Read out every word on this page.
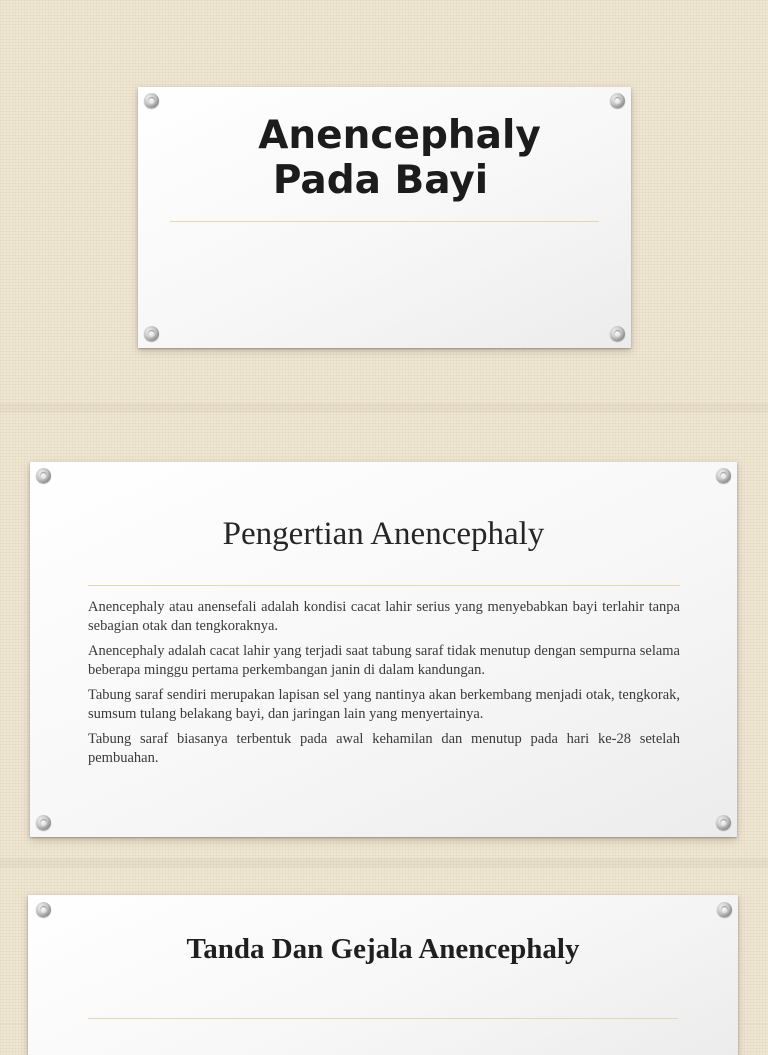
Anencephaly
Pada Bayi
Pengertian Anencephaly

Anencephaly atau anensefali adalah kondisi cacat lahir serius yang menyebabkan bayi terlahir tanpa sebagian otak dan tengkoraknya.

Anencephaly adalah cacat lahir yang terjadi saat tabung saraf tidak menutup dengan sempurna selama beberapa minggu pertama perkembangan janin di dalam kandungan.

Tabung saraf sendiri merupakan lapisan sel yang nantinya akan berkembang menjadi otak, tengkorak, sumsum tulang belakang bayi, dan jaringan lain yang menyertainya.

Tabung saraf biasanya terbentuk pada awal kehamilan dan menutup pada hari ke-28 setelah pembuahan.

Tanda Dan Gejala Anencephaly
